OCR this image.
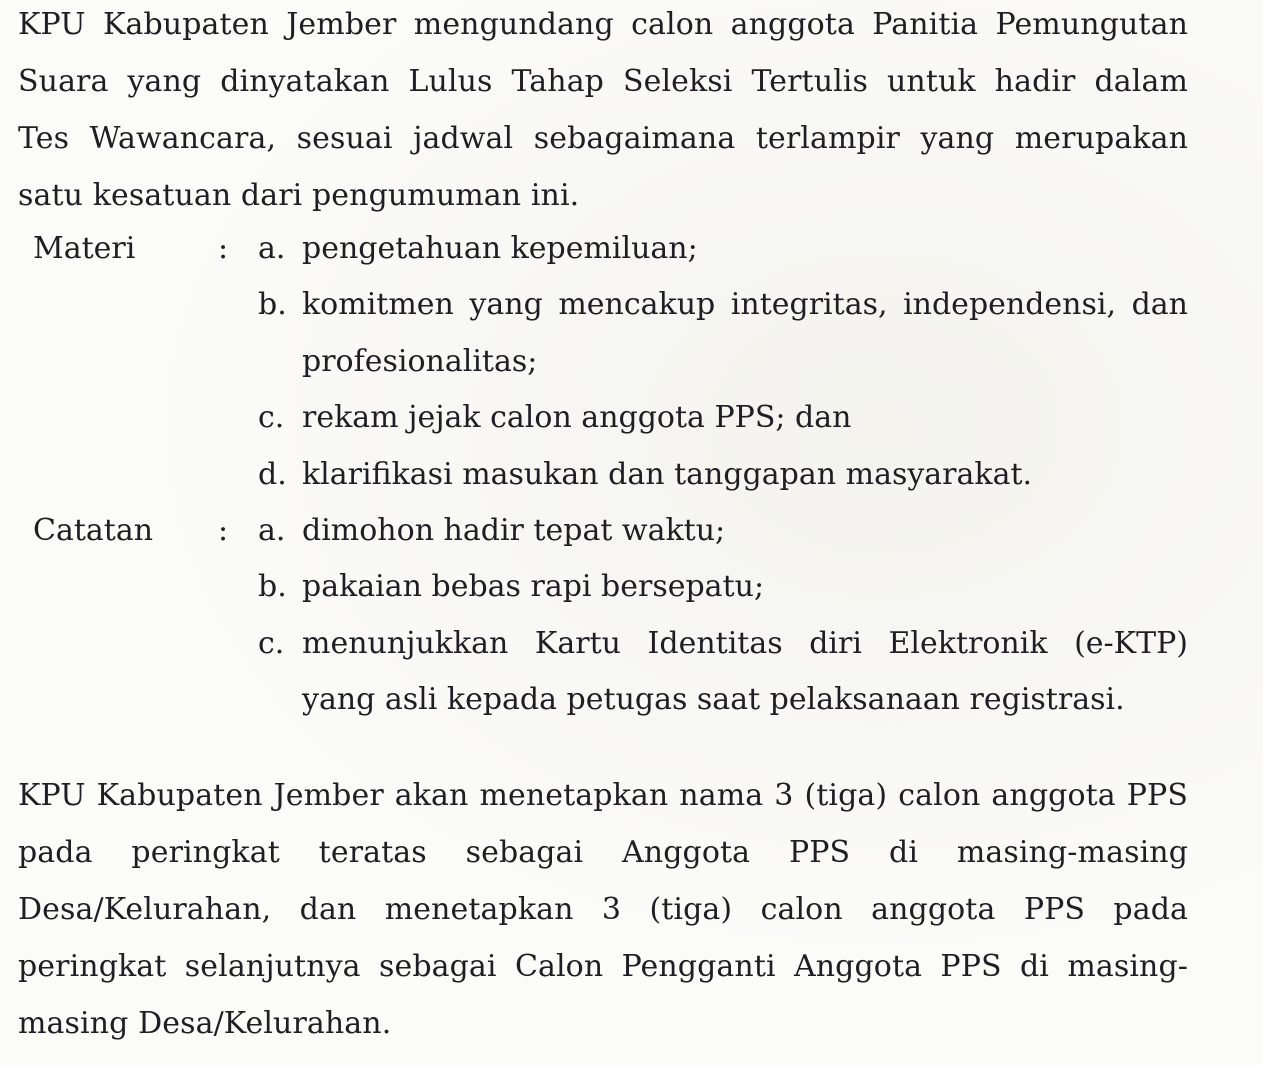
KPU Kabupaten Jember mengundang calon anggota Panitia Pemungutan
Suara yang dinyatakan Lulus Tahap Seleksi Tertulis untuk hadir dalam
Tes Wawancara, sesuai jadwal sebagaimana terlampir yang merupakan
satu kesatuan dari pengumuman ini.
Materi	: a. pengetahuan kepemiluan;
b. komitmen yang mencakup integritas, independensi, dan
profesionalitas;
c. rekam jejak calon anggota PPS; dan
d. klarifikasi masukan dan tanggapan masyarakat.
Catatan : a. dimohon hadir tepat waktu;
b. pakaian bebas rapi bersepatu;
c. menunjukkan Kartu Identitas diri Elektronik (e-KTP)
yang asli kepada petugas saat pelaksanaan registrasi.
KPU Kabupaten Jember akan menetapkan nama 3 (tiga) calon anggota PPS
pada peringkat teratas sebagai Anggota PPS di masing-masing
Desa/Kelurahan, dan menetapkan 3 (tiga) calon anggota PPS pada
peringkat selanjutnya sebagai Calon Pengganti Anggota PPS di masing-
masing Desa/Kelurahan.
